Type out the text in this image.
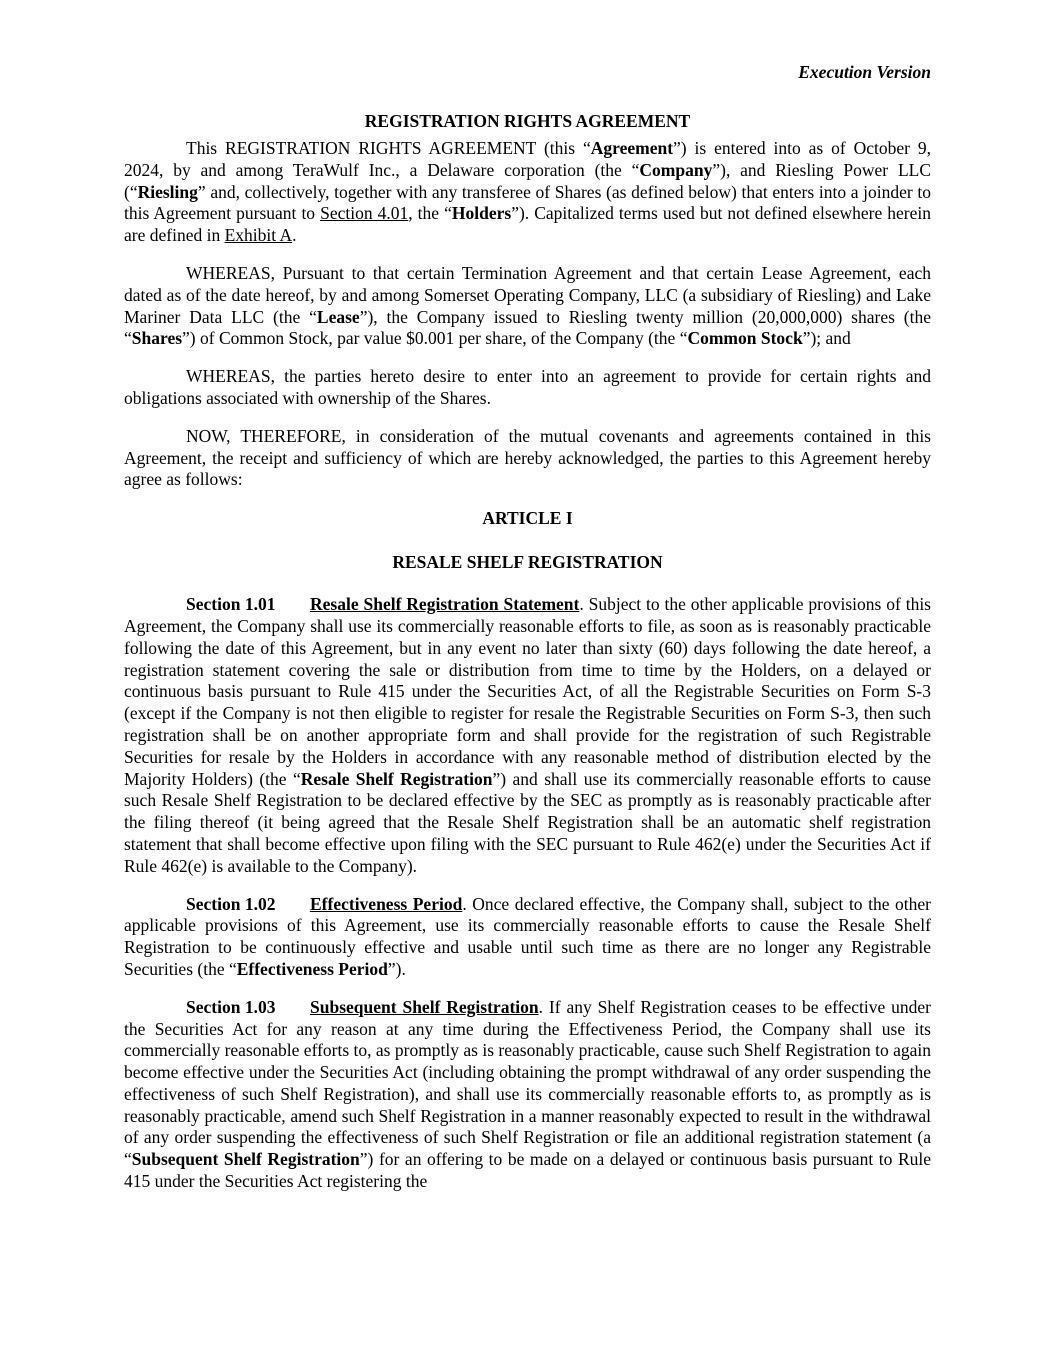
Execution Version
REGISTRATION RIGHTS AGREEMENT

This REGISTRATION RIGHTS AGREEMENT (this “Agreement”) is entered into as of October 9, 2024, by and among TeraWulf Inc., a Delaware corporation (the “Company”), and Riesling Power LLC (“Riesling” and, collectively, together with any transferee of Shares (as defined below) that enters into a joinder to this Agreement pursuant to Section 4.01, the “Holders”). Capitalized terms used but not defined elsewhere herein are defined in Exhibit A.

WHEREAS, Pursuant to that certain Termination Agreement and that certain Lease Agreement, each dated as of the date hereof, by and among Somerset Operating Company, LLC (a subsidiary of Riesling) and Lake Mariner Data LLC (the “Lease”), the Company issued to Riesling twenty million (20,000,000) shares (the “Shares”) of Common Stock, par value $0.001 per share, of the Company (the “Common Stock”); and

WHEREAS, the parties hereto desire to enter into an agreement to provide for certain rights and obligations associated with ownership of the Shares.

NOW, THEREFORE, in consideration of the mutual covenants and agreements contained in this Agreement, the receipt and sufficiency of which are hereby acknowledged, the parties to this Agreement hereby agree as follows:

ARTICLE I
RESALE SHELF REGISTRATION

Section 1.01 Resale Shelf Registration Statement. Subject to the other applicable provisions of this Agreement, the Company shall use its commercially reasonable efforts to file, as soon as is reasonably practicable following the date of this Agreement, but in any event no later than sixty (60) days following the date hereof, a registration statement covering the sale or distribution from time to time by the Holders, on a delayed or continuous basis pursuant to Rule 415 under the Securities Act, of all the Registrable Securities on Form S-3 (except if the Company is not then eligible to register for resale the Registrable Securities on Form S-3, then such registration shall be on another appropriate form and shall provide for the registration of such Registrable Securities for resale by the Holders in accordance with any reasonable method of distribution elected by the Majority Holders) (the “Resale Shelf Registration”) and shall use its commercially reasonable efforts to cause such Resale Shelf Registration to be declared effective by the SEC as promptly as is reasonably practicable after the filing thereof (it being agreed that the Resale Shelf Registration shall be an automatic shelf registration statement that shall become effective upon filing with the SEC pursuant to Rule 462(e) under the Securities Act if Rule 462(e) is available to the Company).

Section 1.02 Effectiveness Period. Once declared effective, the Company shall, subject to the other applicable provisions of this Agreement, use its commercially reasonable efforts to cause the Resale Shelf Registration to be continuously effective and usable until such time as there are no longer any Registrable Securities (the “Effectiveness Period”).

Section 1.03 Subsequent Shelf Registration. If any Shelf Registration ceases to be effective under the Securities Act for any reason at any time during the Effectiveness Period, the Company shall use its commercially reasonable efforts to, as promptly as is reasonably practicable, cause such Shelf Registration to again become effective under the Securities Act (including obtaining the prompt withdrawal of any order suspending the effectiveness of such Shelf Registration), and shall use its commercially reasonable efforts to, as promptly as is reasonably practicable, amend such Shelf Registration in a manner reasonably expected to result in the withdrawal of any order suspending the effectiveness of such Shelf Registration or file an additional registration statement (a “Subsequent Shelf Registration”) for an offering to be made on a delayed or continuous basis pursuant to Rule 415 under the Securities Act registering the
